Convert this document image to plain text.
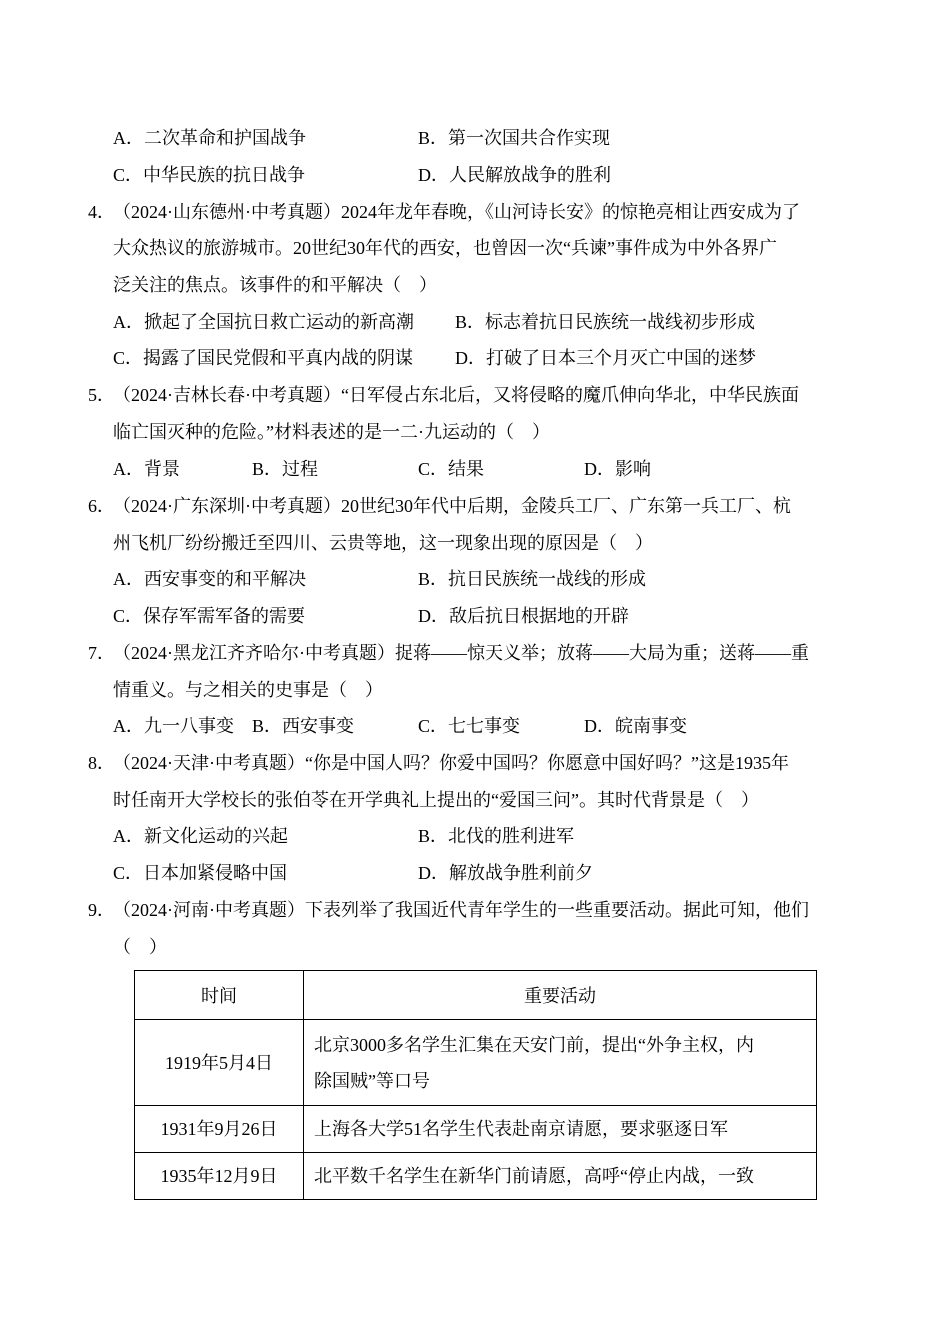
A．二次革命和护国战争	B．第一次国共合作实现
C．中华民族的抗日战争	D．人民解放战争的胜利
4．
（2024·山东德州·中考真题）2024年龙年春晚，《山河诗长安》的惊艳亮相让西安成为了
大众热议的旅游城市。20世纪30年代的西安，也曾因一次“兵谏”事件成为中外各界广
泛关注的焦点。该事件的和平解决（　）
A．掀起了全国抗日救亡运动的新高潮 B．标志着抗日民族统一战线初步形成
C．揭露了国民党假和平真内战的阴谋 D．打破了日本三个月灭亡中国的迷梦
5．
（2024·吉林长春·中考真题）“日军侵占东北后，又将侵略的魔爪伸向华北，中华民族面
临亡国灭种的危险。”材料表述的是一二·九运动的（　）
A．背景	B．过程	C．结果	D．影响
6．
（2024·广东深圳·中考真题）20世纪30年代中后期，金陵兵工厂、广东第一兵工厂、杭
州飞机厂纷纷搬迁至四川、云贵等地，这一现象出现的原因是（　）
A．西安事变的和平解决	B．抗日民族统一战线的形成
C．保存军需军备的需要	D．敌后抗日根据地的开辟
7．
（2024·黑龙江齐齐哈尔·中考真题）捉蒋——惊天义举；放蒋——大局为重；送蒋——重
情重义。与之相关的史事是（　）
A．九一八事变 B．西安事变	C．七七事变	D．皖南事变
8．
（2024·天津·中考真题）“你是中国人吗？你爱中国吗？你愿意中国好吗？”这是1935年
时任南开大学校长的张伯苓在开学典礼上提出的“爱国三问”。其时代背景是（　）
A．新文化运动的兴起	B．北伐的胜利进军
C．日本加紧侵略中国	D．解放战争胜利前夕
9．
（2024·河南·中考真题）下表列举了我国近代青年学生的一些重要活动。据此可知，他们
（　）
时间	重要活动
1919年5月4日	北京3000多名学生汇集在天安门前，提出“外争主权，内
除国贼”等口号

1931年9月26日	上海各大学51名学生代表赴南京请愿，要求驱逐日军
1935年12月9日	北平数千名学生在新华门前请愿，高呼“停止内战，一致
